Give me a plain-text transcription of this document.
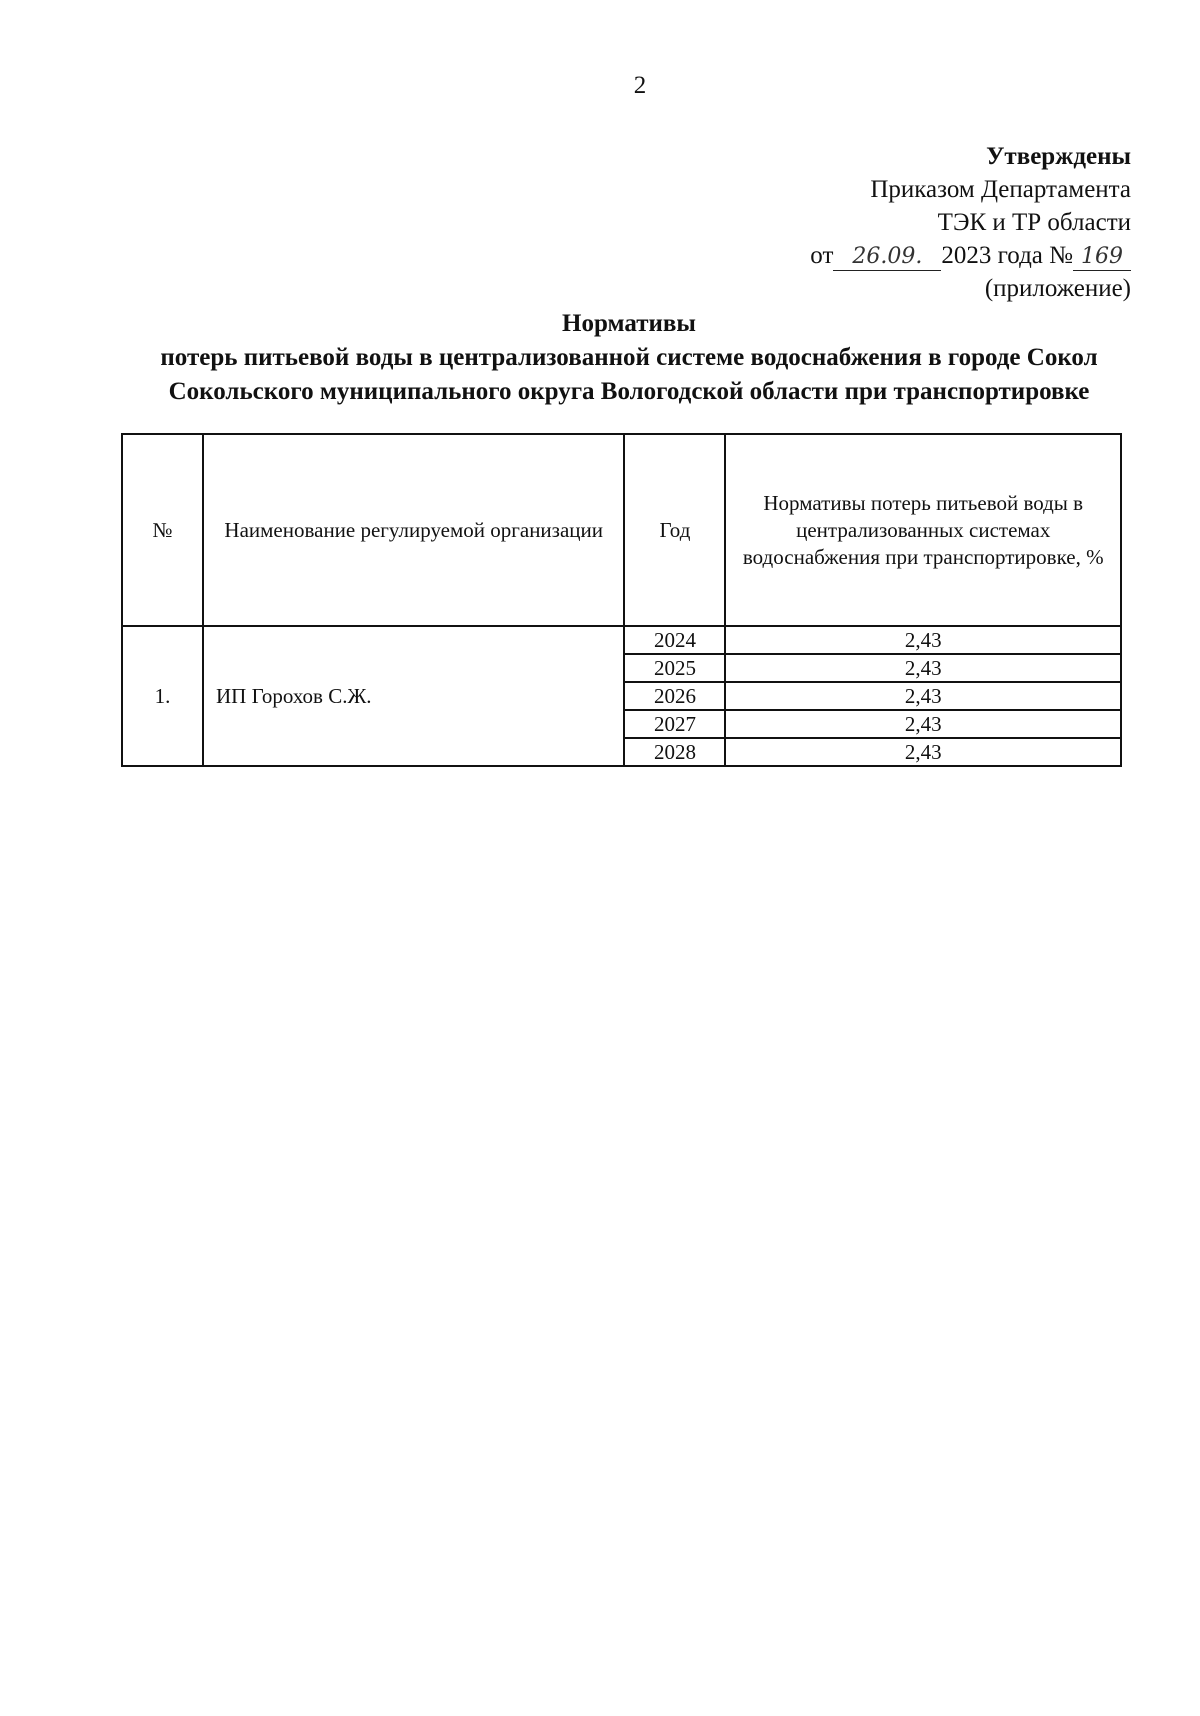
2
Утверждены
Приказом Департамента
ТЭК и ТР области
от 26.09. 2023 года № 169
(приложение)
Нормативы
потерь питьевой воды в централизованной системе водоснабжения в городе Сокол Сокольского муниципального округа Вологодской области при транспортировке
№	Наименование регулируемой организации	Год	Нормативы потерь питьевой воды в централизованных системах водоснабжения при транспортировке, %

1.	ИП Горохов С.Ж.	2024	2,43
		2025	2,43
		2026	2,43
		2027	2,43
		2028	2,43
